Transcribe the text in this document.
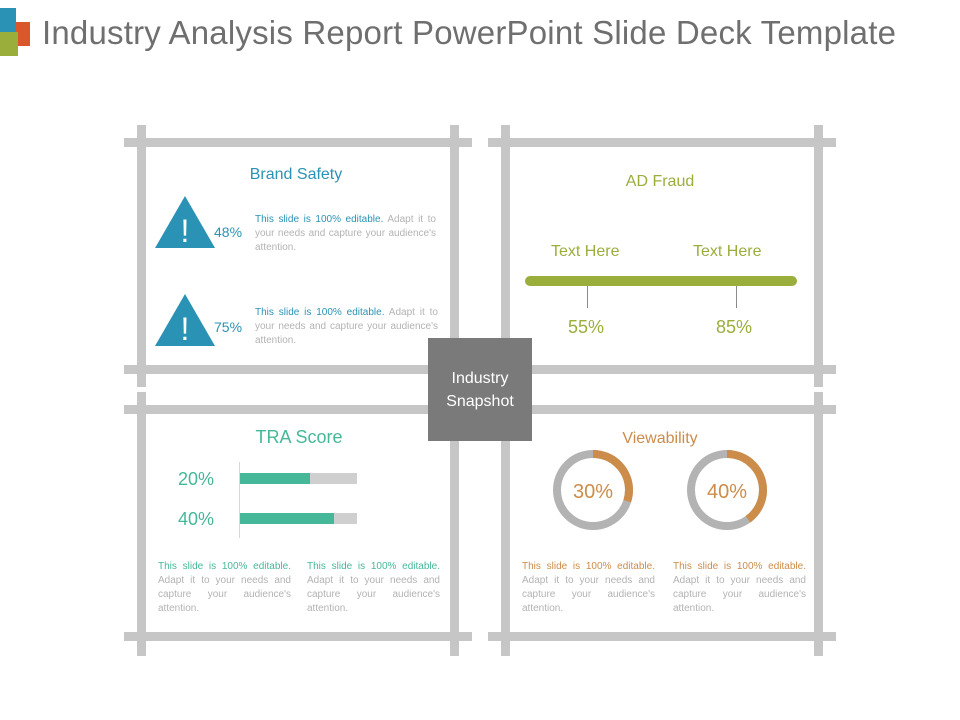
Industry Analysis Report PowerPoint Slide Deck Template
Industry
Snapshot
Brand Safety
! 48%
This slide is 100% editable. Adapt it to your needs and capture your audience's attention.
! 75%
This slide is 100% editable. Adapt it to your needs and capture your audience's attention.
AD Fraud
Text Here	Text Here
55%	85%
TRA Score
20%
40%
This slide is 100% editable. Adapt it to your needs and capture your audience's attention.
This slide is 100% editable. Adapt it to your needs and capture your audience's attention.
Viewability
30%	40%
This slide is 100% editable. Adapt it to your needs and capture your audience's attention.
This slide is 100% editable. Adapt it to your needs and capture your audience's attention.
